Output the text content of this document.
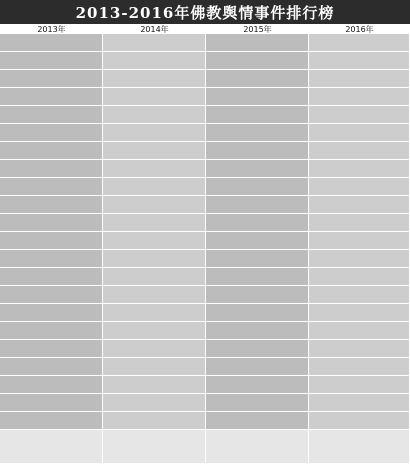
2013-2016年佛教舆情事件排行榜
2013年	2014年	2015年	2016年
